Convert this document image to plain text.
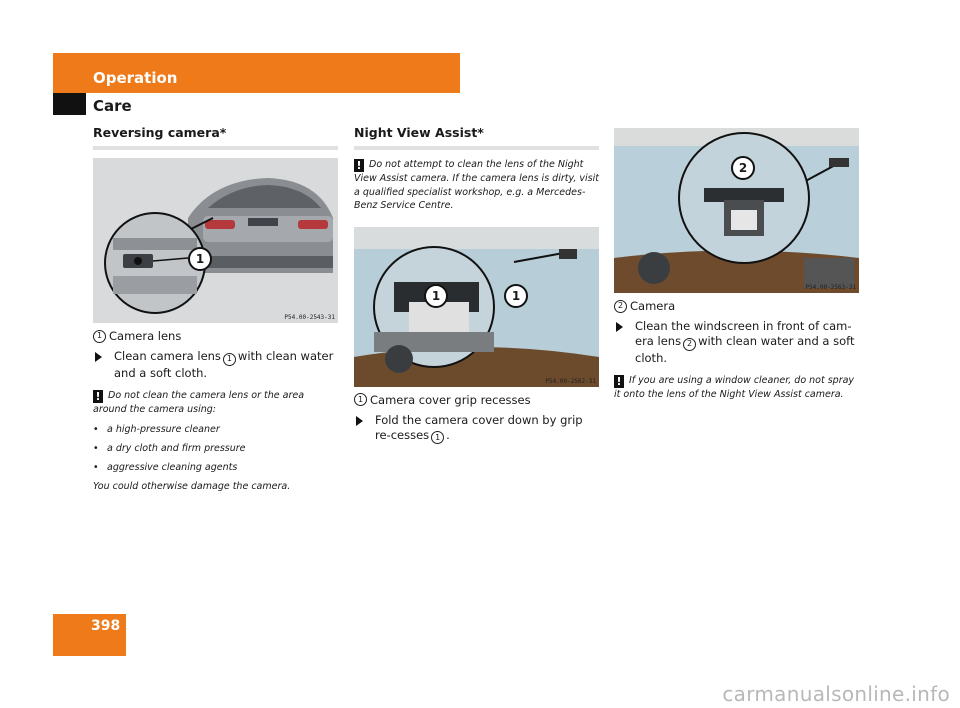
Operation
Care
Reversing camera*
1
P54.00-2543-31
1 Camera lens
Clean camera lens 1 with clean water and a soft cloth.
! Do not clean the camera lens or the area around the camera using:
• a high-pressure cleaner
• a dry cloth and firm pressure
• aggressive cleaning agents
You could otherwise damage the camera.
Night View Assist*
! Do not attempt to clean the lens of the Night View Assist camera. If the camera lens is dirty, visit a qualified specialist workshop, e.g. a Mercedes-Benz Service Centre.
1	1
P54.00-2562-31
1 Camera cover grip recesses
Fold the camera cover down by grip re-cesses 1 .
2
P54.00-2563-31
2 Camera
Clean the windscreen in front of cam-era lens 2 with clean water and a soft cloth.
! If you are using a window cleaner, do not spray it onto the lens of the Night View Assist camera.
398
carmanualsonline.info
